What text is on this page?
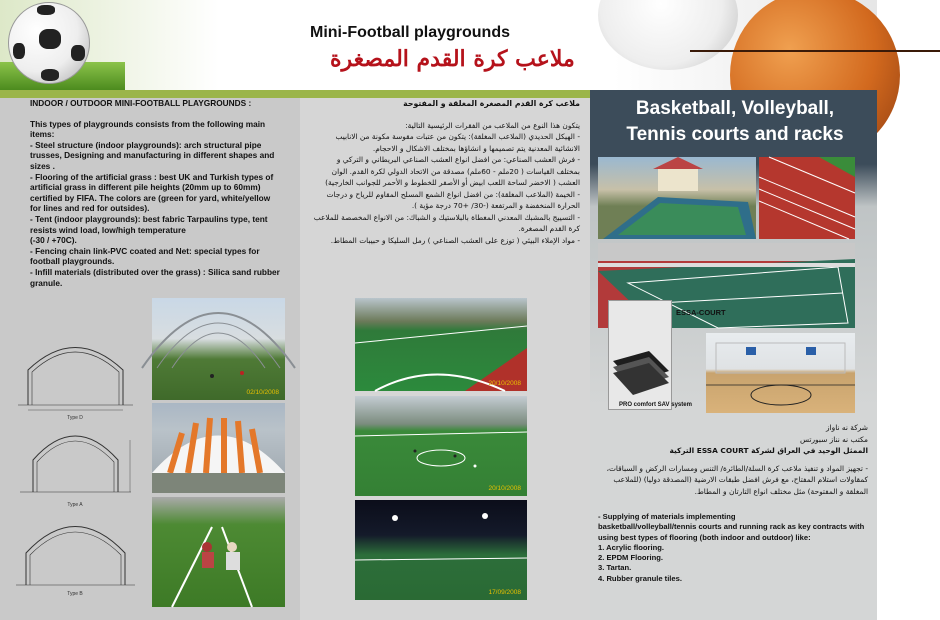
Mini-Football playgrounds
ملاعب كرة القدم المصغرة
INDOOR / OUTDOOR MINI-FOOTBALL PLAYGROUNDS :
This types of playgrounds consists from the following main items:
- Steel structure (indoor playgrounds): arch structural pipe trusses, Designing and manufacturing in different shapes and sizes .
- Flooring of the artificial grass : best UK and Turkish types of artificial grass in different pile heights (20mm up to 60mm) certified by FIFA. The colors are (green for yard, white/yellow for lines and red for outsides).
- Tent (indoor playgrounds): best fabric Tarpaulins type, tent resists wind load, low/high temperature
(-30 / +70C).
- Fencing chain link-PVC coated and Net: special types for football playgrounds.
- Infill materials (distributed over the grass) : Silica sand rubber granule.
Type D
Type A
Type B
02/10/2008
ملاعب كرة القدم المصغرة المغلقة و المفتوحة
يتكون هذا النوع من الملاعب من الفقرات الرئيسية التالية:
- الهيكل الحديدي (الملاعب المغلقة): يتكون من عتبات مقوسة مكونة من الانابيب الانشائية المعدنية يتم تصميمها و انشاؤها بمختلف الاشكال و الاحجام.
- فرش العشب الصناعي: من افضل انواع العشب الصناعي البريطاني و التركي و بمختلف القياسات ( 20ملم - 60ملم) مصدقة من الاتحاد الدولي لكرة القدم. الوان العشب ( الاخضر لساحة اللعب ابيض أو الأصفر للخطوط و الأحمر للجوانب الخارجية)
- الخيمة (الملاعب المغلقة): من افضل انواع الشمع المسلح المقاوم للرياح و درجات الحرارة المنخفضة و المرتفعة (-30/ +70 درجة مؤية ).
- التسييج بالمشبك المعدني المغطاة بالبلاستيك و الشباك: من الانواع المخصصة للملاعب كرة القدم المصغرة.
- مواد الإملاء البيئي ( توزع على العشب الصناعي ) رمل السليكا و حبيبات المطاط.
20/10/2008
20/10/2008
17/09/2008
Basketball, Volleyball,
Tennis courts and racks
PRO comfort SAV system
ESSA-COURT
شركة نه ناواز
مكتب نه نناز سبورتس
الممثل الوحيد في العراق لشركة ESSA COURT التركية
- تجهيز المواد و تنفيذ ملاعب كرة السلة/الطائرة/ التنس ومسارات الركض و السباقات، كمقاولات استلام المفتاح، مع فرش افضل طبقات الارضية (المصدقة دوليا) (للملاعب المغلقة و المفتوحة) مثل مختلف انواع التارتان و المطاط.
- Supplying of materials implementing
basketball/volleyball/tennis courts and running rack as key contracts with using best types of flooring (both indoor and outdoor) like:
1. Acrylic flooring.
2. EPDM Flooring.
3. Tartan.
4. Rubber granule tiles.
